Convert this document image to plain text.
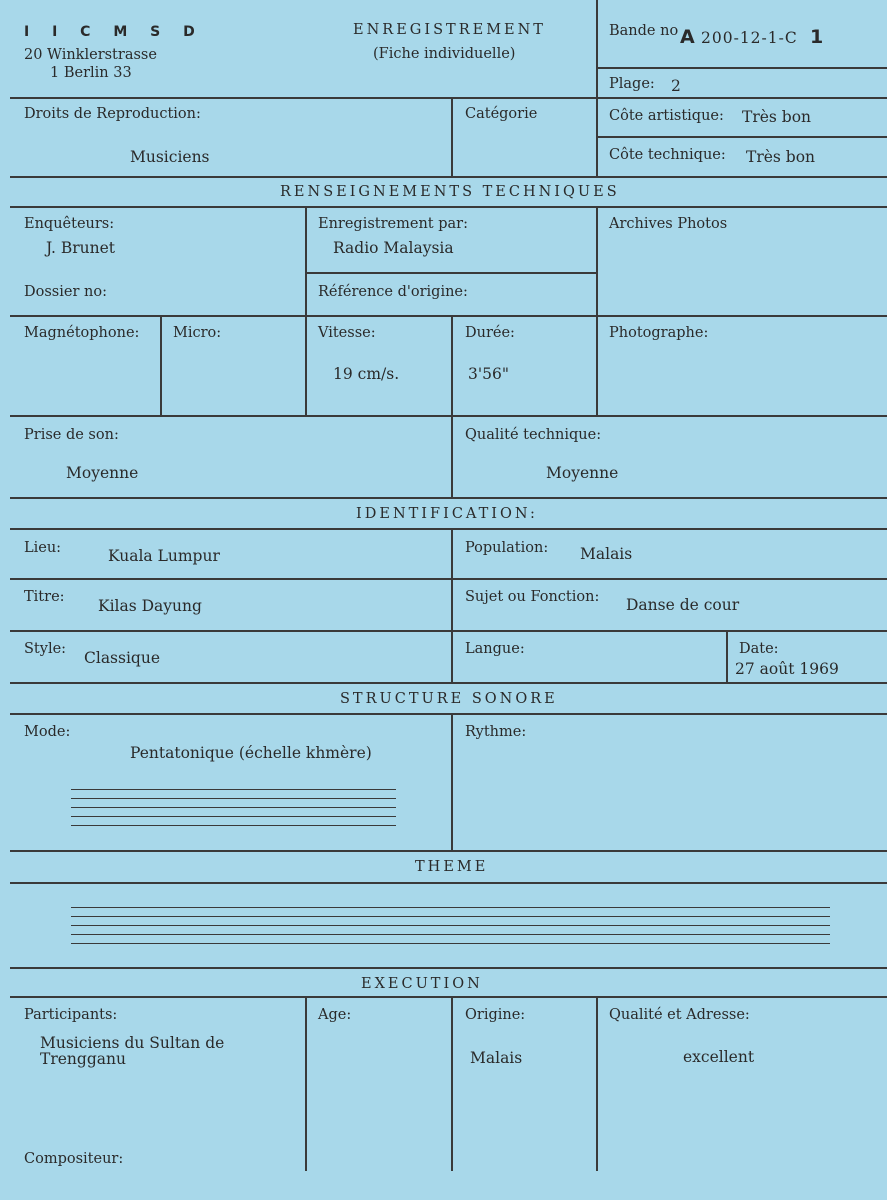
I I C M S D
20 Winklerstrasse
1 Berlin 33
ENREGISTREMENT
(Fiche individuelle)
Bande no A 200-12-1-C 1
Plage: 2
Droits de Reproduction:
Musiciens
Catégorie	Côte artistique: Très bon
Côte technique: Très bon
RENSEIGNEMENTS TECHNIQUES
Enquêteurs:
J. Brunet
Enregistrement par:
Radio Malaysia
Archives Photos
Dossier no:	Référence d'origine:
Magnétophone: Micro:	Vitesse:
19 cm/s.
Durée:
3'56"
Photographe:
Prise de son:
Moyenne
Qualité technique:
Moyenne
IDENTIFICATION:
Lieu:	Kuala Lumpur	Population: Malais
Titre: Kilas Dayung	Sujet ou Fonction: Danse de cour
Style: Classique	Langue:	Date:
27 août 1969
STRUCTURE SONORE
Mode:
Pentatonique (échelle khmère)
Rythme:
THEME
EXECUTION
Participants:
Musiciens du Sultan de
Trengganu
Age:	Origine:
Malais
Qualité et Adresse:
excellent
Compositeur:
